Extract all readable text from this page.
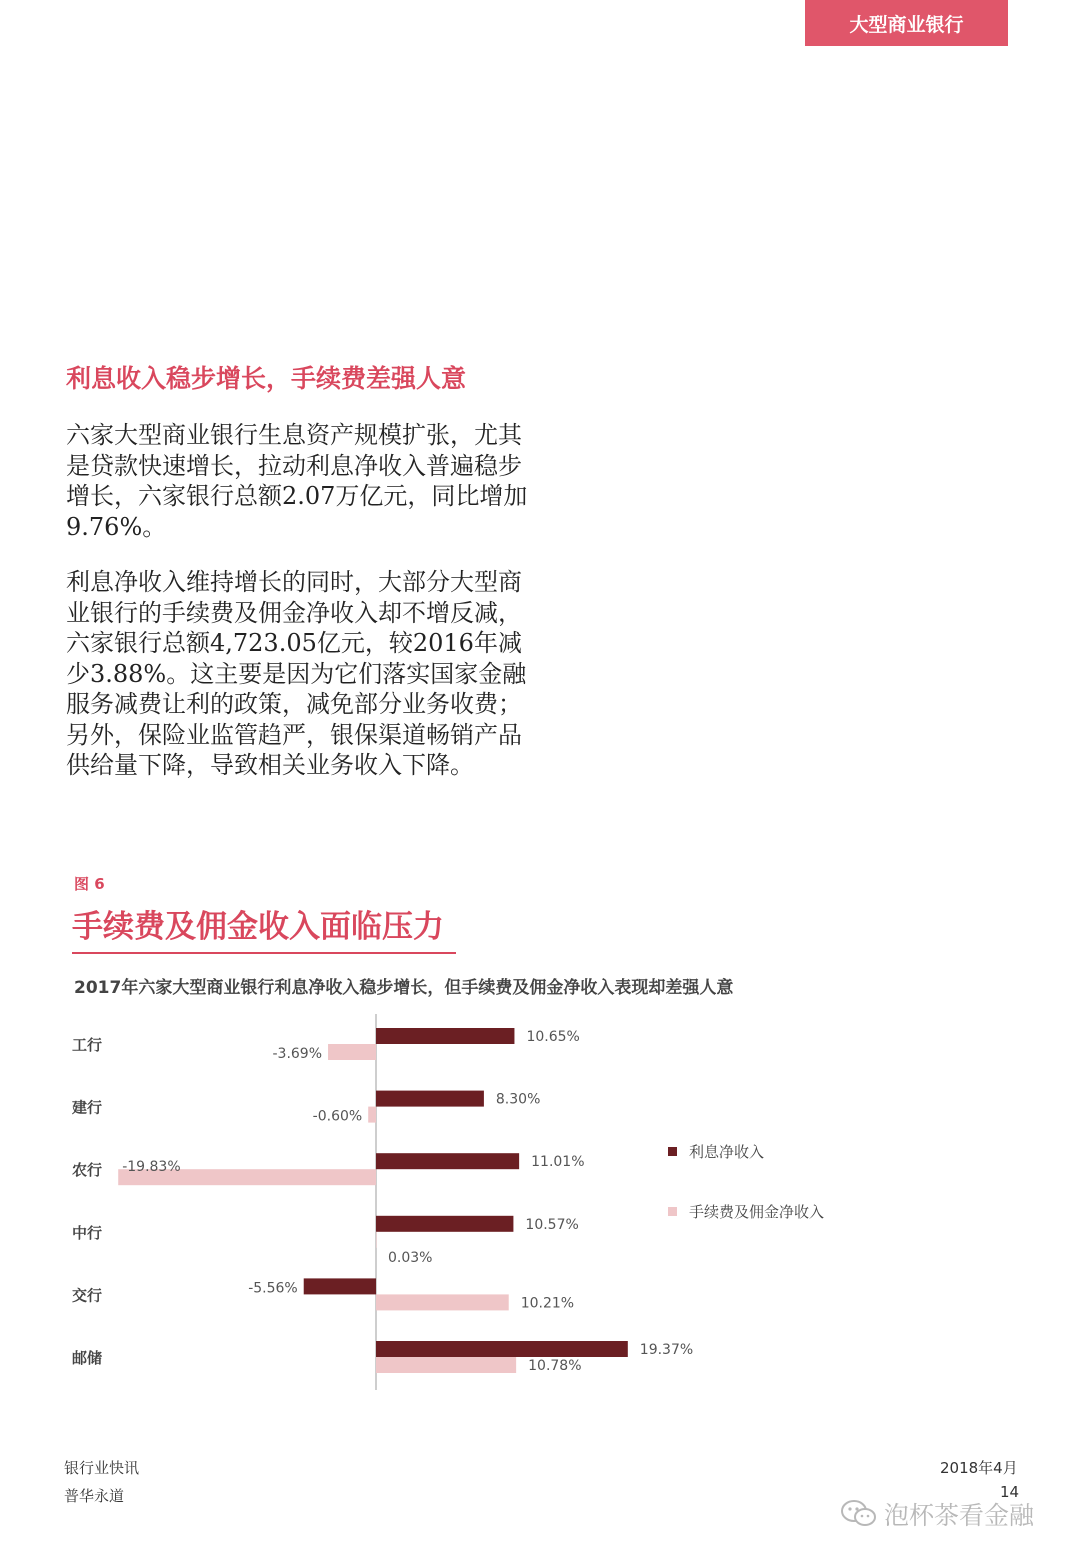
大型商业银行
利息收入稳步增长，手续费差强人意

六家大型商业银行生息资产规模扩张，尤其是贷款快速增长，拉动利息净收入普遍稳步增长，六家银行总额2.07万亿元，同比增加9.76%。

利息净收入维持增长的同时，大部分大型商业银行的手续费及佣金净收入却不增反减，六家银行总额4,723.05亿元，较2016年减少3.88%。这主要是因为它们落实国家金融服务减费让利的政策，减免部分业务收费；另外，保险业监管趋严，银保渠道畅销产品供给量下降，导致相关业务收入下降。

图 6
手续费及佣金收入面临压力
2017年六家大型商业银行利息净收入稳步增长，但手续费及佣金净收入表现却差强人意
工行	10.65%
-3.69%
建行	8.30%
-0.60%
农行	11.01%
-19.83%
中行	10.57%
0.03%
交行	-5.56%
10.21%
邮储	19.37%
10.78%
利息净收入
手续费及佣金净收入
银行业快讯
普华永道
2018年4月
14
泡杯茶看金融
